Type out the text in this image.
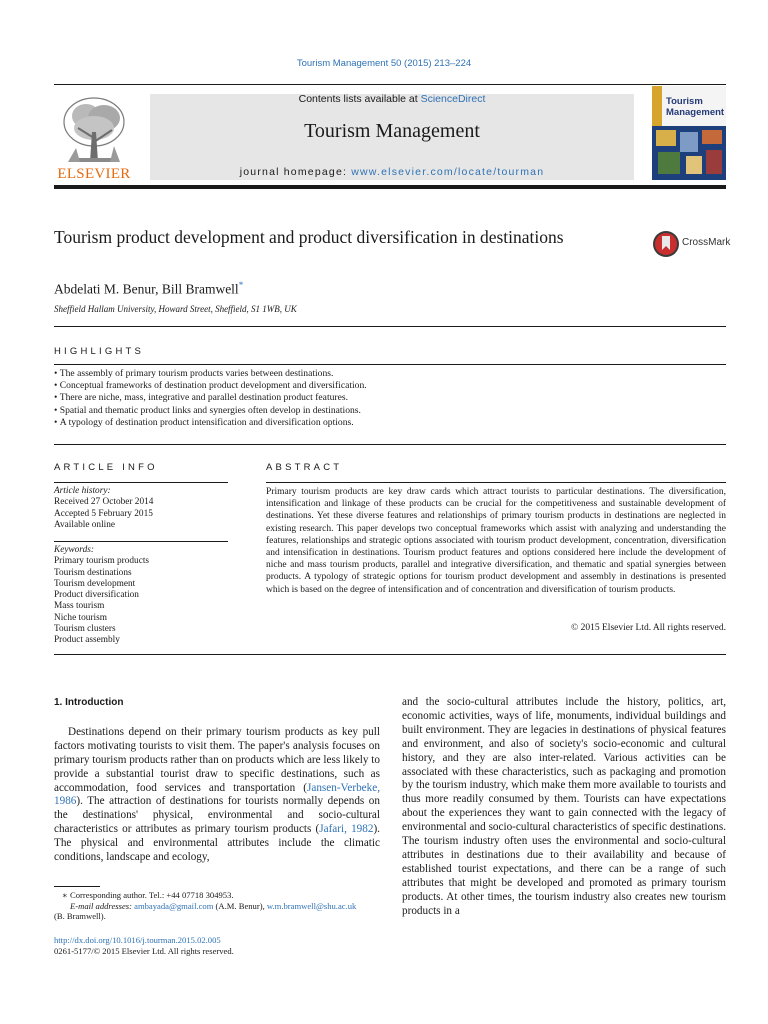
Tourism Management 50 (2015) 213–224
ELSEVIER
Contents lists available at ScienceDirect
Tourism Management
journal homepage: www.elsevier.com/locate/tourman
Tourism
Management
Tourism product development and product diversification in destinations	CrossMark
Abdelati M. Benur, Bill Bramwell*
Sheffield Hallam University, Howard Street, Sheffield, S1 1WB, UK
HIGHLIGHTS
• The assembly of primary tourism products varies between destinations.
• Conceptual frameworks of destination product development and diversification.
• There are niche, mass, integrative and parallel destination product features.
• Spatial and thematic product links and synergies often develop in destinations.
• A typology of destination product intensification and diversification options.
ARTICLE INFO
Article history:
Received 27 October 2014
Accepted 5 February 2015
Available online
Keywords:
Primary tourism products
Tourism destinations
Tourism development
Product diversification
Mass tourism
Niche tourism
Tourism clusters
Product assembly
ABSTRACT
Primary tourism products are key draw cards which attract tourists to particular destinations. The diversification, intensification and linkage of these products can be crucial for the competitiveness and sustainable development of destinations. Yet these diverse features and relationships of primary tourism products in destinations are neglected in existing research. This paper develops two conceptual frameworks which assist with analyzing and understanding the features, relationships and strategic options associated with tourism product development, concentration, diversification and intensification in destinations. Tourism product features and options considered here include the development of niche and mass tourism products, parallel and integrative diversification, and thematic and spatial synergies between products. A typology of strategic options for tourism product development and assembly in destinations is presented which is based on the degree of intensification and of concentration and diversification of tourism products.
© 2015 Elsevier Ltd. All rights reserved.
1. Introduction
Destinations depend on their primary tourism products as key pull factors motivating tourists to visit them. The paper's analysis focuses on primary tourism products rather than on products which are less likely to provide a substantial tourist draw to specific destinations, such as accommodation, food services and transportation (Jansen-Verbeke, 1986). The attraction of destinations for tourists normally depends on the destinations' physical, environmental and socio-cultural characteristics or attributes as primary tourism products (Jafari, 1982). The physical and environmental attributes include the climatic conditions, landscape and ecology,
and the socio-cultural attributes include the history, politics, art, economic activities, ways of life, monuments, individual buildings and built environment. They are legacies in destinations of physical features and environment, and also of society's socio-economic and cultural history, and they are also inter-related. Various activities can be associated with these characteristics, such as packaging and promotion by the tourism industry, which make them more available to tourists and thus more readily consumed by them. Tourists can have expectations about the experiences they want to gain connected with the legacy of environmental and socio-cultural characteristics of specific destinations. The tourism industry often uses the environmental and socio-cultural attributes in destinations due to their availability and because of established tourist expectations, and there can be a range of such attributes that might be developed and promoted as primary tourism products. At other times, the tourism industry also creates new tourism products in a
∗ Corresponding author. Tel.: +44 07718 304953.
E-mail addresses: ambayada@gmail.com (A.M. Benur), w.m.bramwell@shu.ac.uk
(B. Bramwell).
http://dx.doi.org/10.1016/j.tourman.2015.02.005
0261-5177/© 2015 Elsevier Ltd. All rights reserved.
